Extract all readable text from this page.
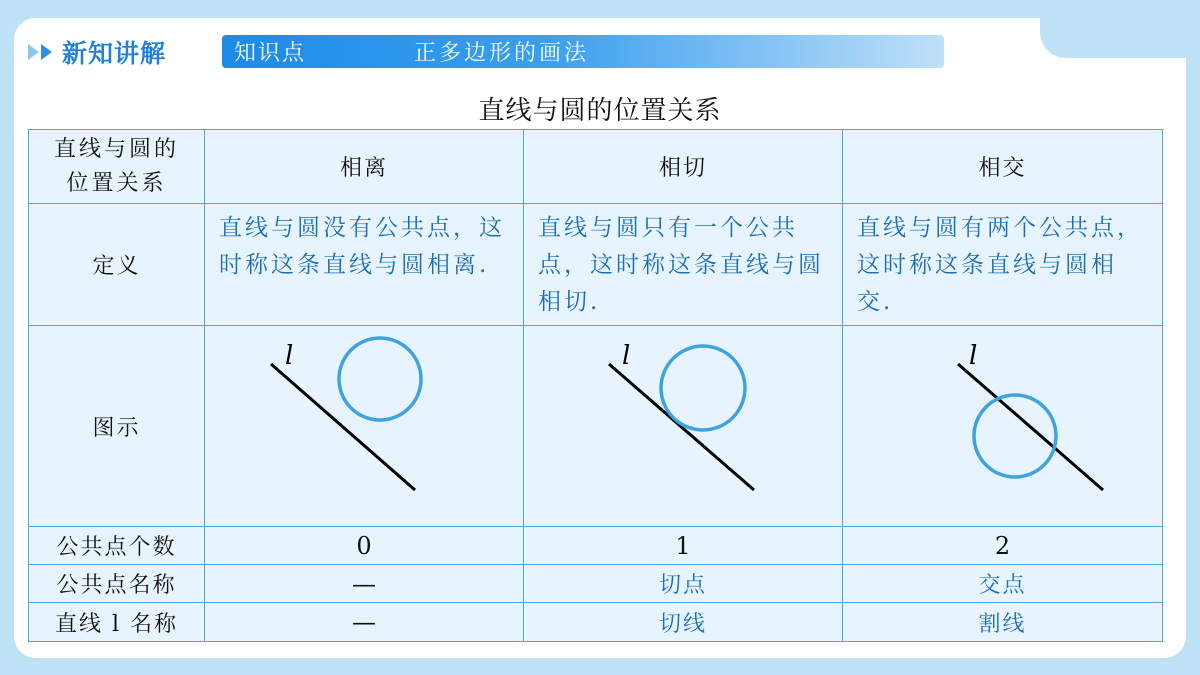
新知讲解	知识点	正多边形的画法
直线与圆的位置关系
直线与圆的位置关系	相离	相切	相交
定义	直线与圆没有公共点，这时称这条直线与圆相离.	直线与圆只有一个公共点，这时称这条直线与圆相切.	直线与圆有两个公共点，这时称这条直线与圆相交.
图示	l	l	l

公共点个数	0	1	2
公共点名称	—	切点	交点
直线 l 名称	—	切线	割线
